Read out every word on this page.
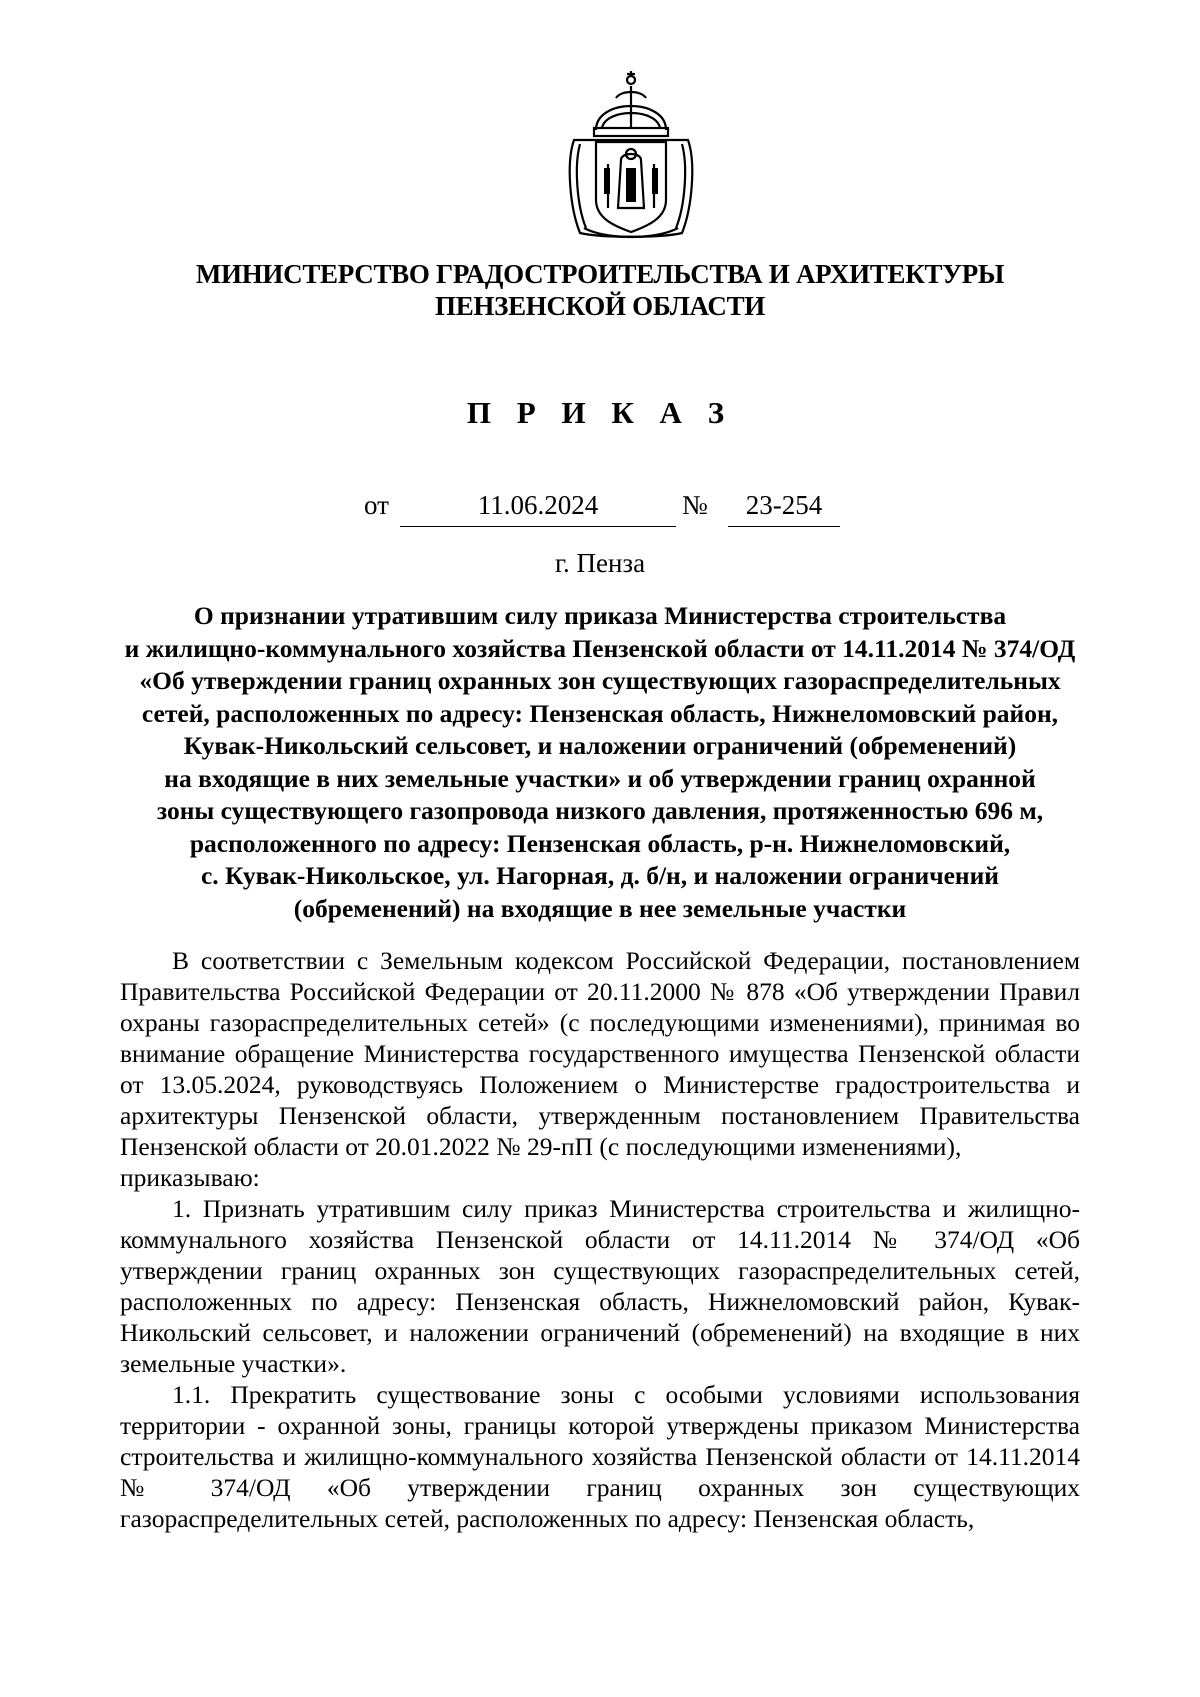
МИНИСТЕРСТВО ГРАДОСТРОИТЕЛЬСТВА И АРХИТЕКТУРЫ
ПЕНЗЕНСКОЙ ОБЛАСТИ
П Р И К А З
от	11.06.2024	№	23-254
г. Пенза
О признании утратившим силу приказа Министерства строительства
и жилищно-коммунального хозяйства Пензенской области от 14.11.2014 № 374/ОД
«Об утверждении границ охранных зон существующих газораспределительных
сетей, расположенных по адресу: Пензенская область, Нижнеломовский район,
Кувак-Никольский сельсовет, и наложении ограничений (обременений)
на входящие в них земельные участки» и об утверждении границ охранной
зоны существующего газопровода низкого давления, протяженностью 696 м,
расположенного по адресу: Пензенская область, р-н. Нижнеломовский,
с. Кувак-Никольское, ул. Нагорная, д. б/н, и наложении ограничений
(обременений) на входящие в нее земельные участки

В соответствии с Земельным кодексом Российской Федерации, постановлением Правительства Российской Федерации от 20.11.2000 № 878 «Об утверждении Правил охраны газораспределительных сетей» (с последующими изменениями), принимая во внимание обращение Министерства государственного имущества Пензенской области от 13.05.2024, руководствуясь Положением о Министерстве градостроительства и архитектуры Пензенской области, утвержденным постановлением Правительства Пензенской области от 20.01.2022 № 29-пП (с последующими изменениями),

приказываю:

1. Признать утратившим силу приказ Министерства строительства и жилищно-коммунального хозяйства Пензенской области от 14.11.2014 № 374/ОД «Об утверждении границ охранных зон существующих газораспределительных сетей, расположенных по адресу: Пензенская область, Нижнеломовский район, Кувак-Никольский сельсовет, и наложении ограничений (обременений) на входящие в них земельные участки».

1.1. Прекратить существование зоны с особыми условиями использования территории - охранной зоны, границы которой утверждены приказом Министерства строительства и жилищно-коммунального хозяйства Пензенской области от 14.11.2014 № 374/ОД «Об утверждении границ охранных зон существующих газораспределительных сетей, расположенных по адресу: Пензенская область,
